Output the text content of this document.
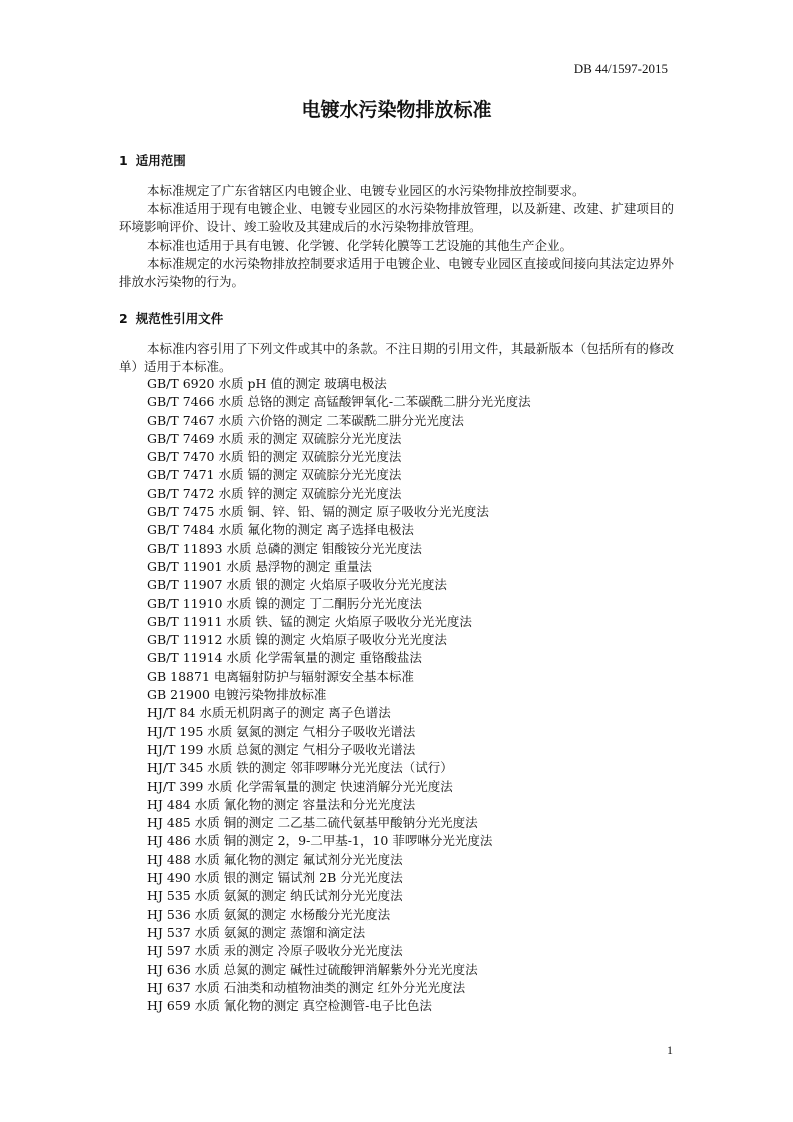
DB 44/1597-2015
电镀水污染物排放标准
1 适用范围

本标准规定了广东省辖区内电镀企业、电镀专业园区的水污染物排放控制要求。

本标准适用于现有电镀企业、电镀专业园区的水污染物排放管理，以及新建、改建、扩建项目的环境影响评价、设计、竣工验收及其建成后的水污染物排放管理。

本标准也适用于具有电镀、化学镀、化学转化膜等工艺设施的其他生产企业。

本标准规定的水污染物排放控制要求适用于电镀企业、电镀专业园区直接或间接向其法定边界外排放水污染物的行为。

2 规范性引用文件

本标准内容引用了下列文件或其中的条款。不注日期的引用文件，其最新版本（包括所有的修改单）适用于本标准。

GB/T 6920 水质 pH 值的测定 玻璃电极法
GB/T 7466 水质 总铬的测定 高锰酸钾氧化-二苯碳酰二肼分光光度法
GB/T 7467 水质 六价铬的测定 二苯碳酰二肼分光光度法
GB/T 7469 水质 汞的测定 双硫腙分光光度法
GB/T 7470 水质 铅的测定 双硫腙分光光度法
GB/T 7471 水质 镉的测定 双硫腙分光光度法
GB/T 7472 水质 锌的测定 双硫腙分光光度法
GB/T 7475 水质 铜、锌、铅、镉的测定 原子吸收分光光度法
GB/T 7484 水质 氟化物的测定 离子选择电极法
GB/T 11893 水质 总磷的测定 钼酸铵分光光度法
GB/T 11901 水质 悬浮物的测定 重量法
GB/T 11907 水质 银的测定 火焰原子吸收分光光度法
GB/T 11910 水质 镍的测定 丁二酮肟分光光度法
GB/T 11911 水质 铁、锰的测定 火焰原子吸收分光光度法
GB/T 11912 水质 镍的测定 火焰原子吸收分光光度法
GB/T 11914 水质 化学需氧量的测定 重铬酸盐法
GB 18871 电离辐射防护与辐射源安全基本标准
GB 21900 电镀污染物排放标准
HJ/T 84 水质无机阴离子的测定 离子色谱法
HJ/T 195 水质 氨氮的测定 气相分子吸收光谱法
HJ/T 199 水质 总氮的测定 气相分子吸收光谱法
HJ/T 345 水质 铁的测定 邻菲啰啉分光光度法（试行）
HJ/T 399 水质 化学需氧量的测定 快速消解分光光度法
HJ 484 水质 氰化物的测定 容量法和分光光度法
HJ 485 水质 铜的测定 二乙基二硫代氨基甲酸钠分光光度法
HJ 486 水质 铜的测定 2，9-二甲基-1，10 菲啰啉分光光度法
HJ 488 水质 氟化物的测定 氟试剂分光光度法
HJ 490 水质 银的测定 镉试剂 2B 分光光度法
HJ 535 水质 氨氮的测定 纳氏试剂分光光度法
HJ 536 水质 氨氮的测定 水杨酸分光光度法
HJ 537 水质 氨氮的测定 蒸馏和滴定法
HJ 597 水质 汞的测定 冷原子吸收分光光度法
HJ 636 水质 总氮的测定 碱性过硫酸钾消解紫外分光光度法
HJ 637 水质 石油类和动植物油类的测定 红外分光光度法
HJ 659 水质 氰化物的测定 真空检测管-电子比色法
1
